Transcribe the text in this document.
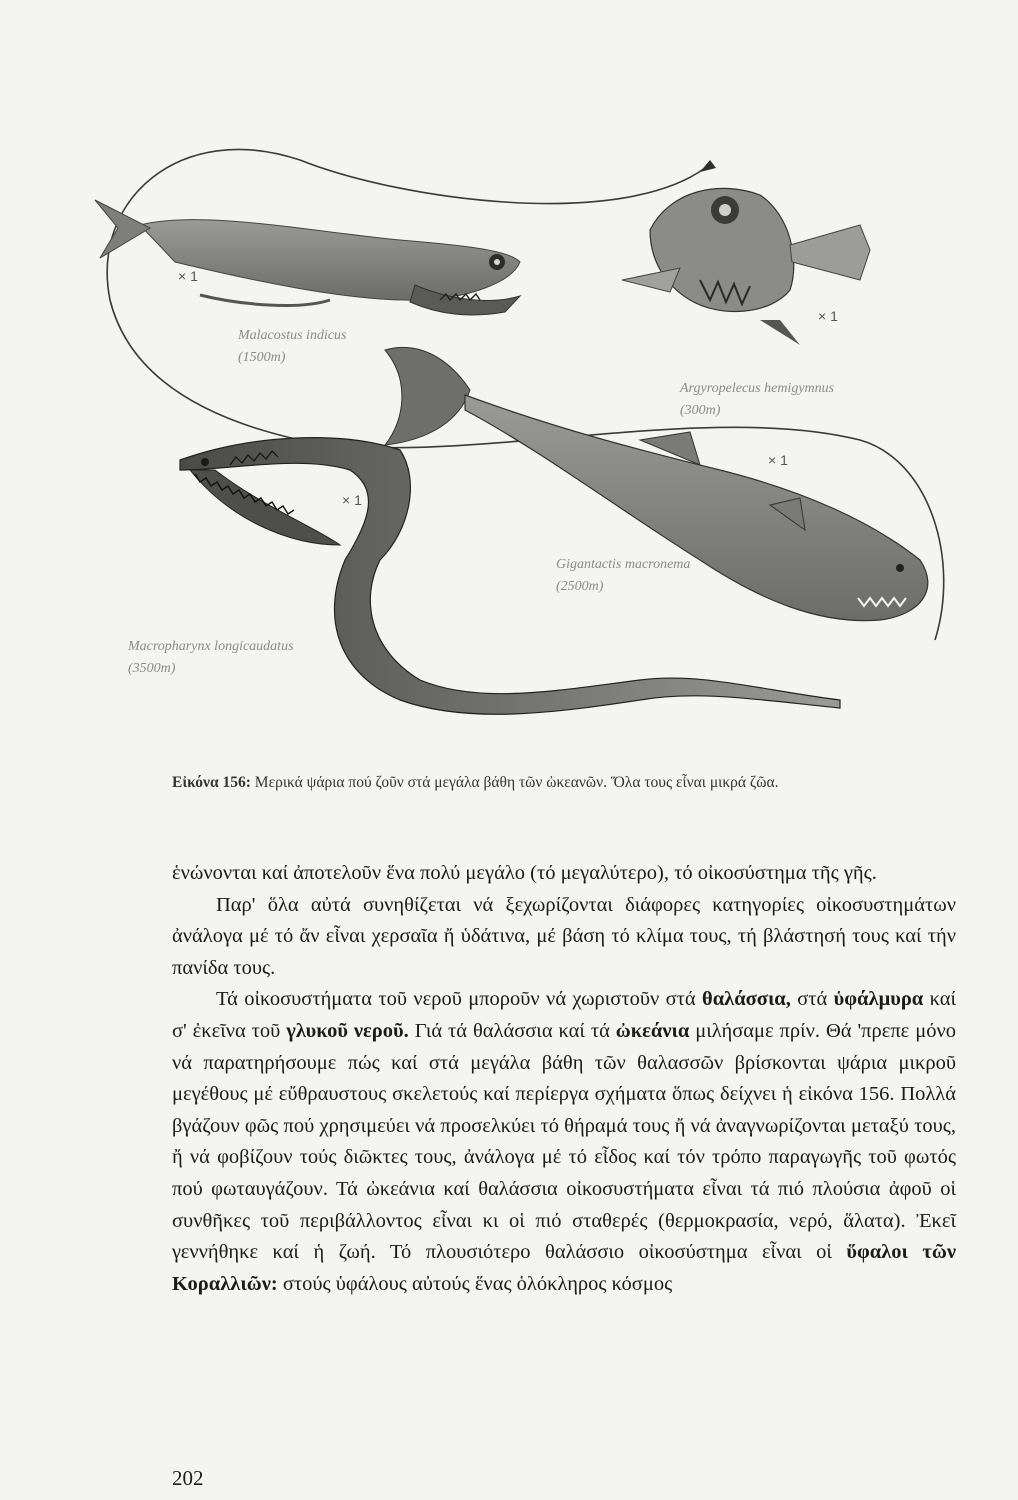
× 1
Malacostus indicus
(1500m)
× 1
Argyropelecus hemigymnus
(300m)
× 1
Gigantactis macronema
(2500m)
× 1
Macropharynx longicaudatus
(3500m)
Εἰκόνα 156: Μερικά ψάρια πού ζοῦν στά μεγάλα βάθη τῶν ὠκεανῶν. Ὅλα τους εἶναι μικρά ζῶα.

ἑνώνονται καί ἀποτελοῦν ἕνα πολύ μεγάλο (τό μεγαλύτερο), τό οἰκοσύστημα τῆς γῆς.

Παρ' ὅλα αὐτά συνηθίζεται νά ξεχωρίζονται διάφορες κατηγορίες οἰκοσυστημάτων ἀνάλογα μέ τό ἄν εἶναι χερσαῖα ἤ ὑδάτινα, μέ βάση τό κλίμα τους, τή βλάστησή τους καί τήν πανίδα τους.

Τά οἰκοσυστήματα τοῦ νεροῦ μποροῦν νά χωριστοῦν στά θαλάσσια, στά ὑφάλμυρα καί σ' ἐκεῖνα τοῦ γλυκοῦ νεροῦ. Γιά τά θαλάσσια καί τά ὠκεάνια μιλήσαμε πρίν. Θά 'πρεπε μόνο νά παρατηρήσουμε πώς καί στά μεγάλα βάθη τῶν θαλασσῶν βρίσκονται ψάρια μικροῦ μεγέθους μέ εὔθραυστους σκελετούς καί περίεργα σχήματα ὅπως δείχνει ἡ εἰκόνα 156. Πολλά βγάζουν φῶς πού χρησιμεύει νά προσελκύει τό θήραμά τους ἤ νά ἀναγνωρίζονται μεταξύ τους, ἤ νά φοβίζουν τούς διῶκτες τους, ἀνάλογα μέ τό εἶδος καί τόν τρόπο παραγωγῆς τοῦ φωτός πού φωταυγάζουν. Τά ὠκεάνια καί θαλάσσια οἰκοσυστήματα εἶναι τά πιό πλούσια ἀφοῦ οἱ συνθῆκες τοῦ περιβάλλοντος εἶναι κι οἱ πιό σταθερές (θερμοκρασία, νερό, ἅλατα). Ἐκεῖ γεννήθηκε καί ἡ ζωή. Τό πλουσιότερο θαλάσσιο οἰκοσύστημα εἶναι οἱ ὕφαλοι τῶν Κοραλλιῶν: στούς ὑφάλους αὐτούς ἕνας ὁλόκληρος κόσμος

202
